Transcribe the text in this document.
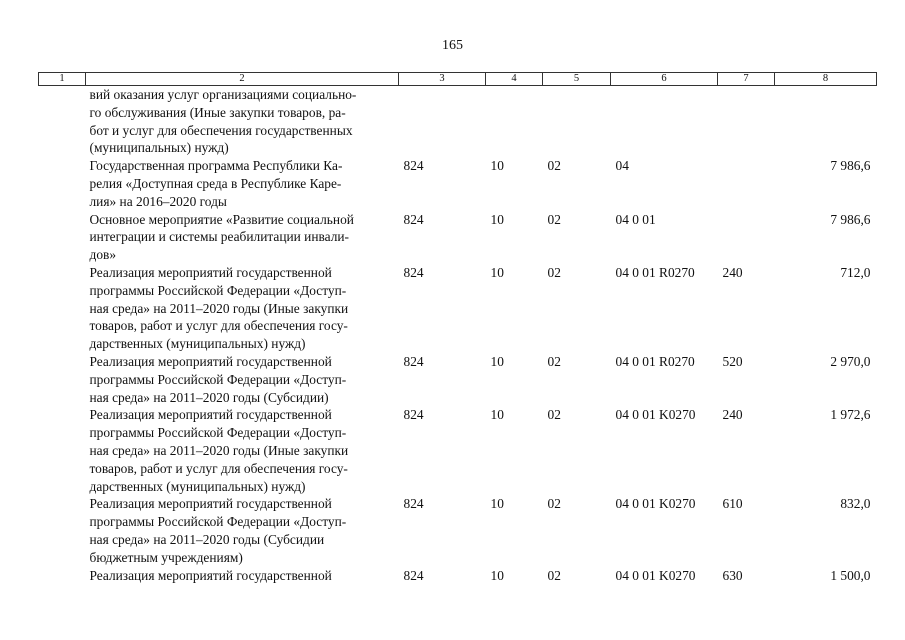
165
1	2	3	4	5	6	7	8
	вий оказания услуг организациями социально-
го обслуживания (Иные закупки товаров, ра-
бот и услуг для обеспечения государственных
(муниципальных) нужд)						
	Государственная программа Республики Ка-
релия «Доступная среда в Республике Каре-
лия» на 2016–2020 годы	824	10	02	04		7 986,6
	Основное мероприятие «Развитие социальной
интеграции и системы реабилитации инвали-
дов»	824	10	02	04 0 01		7 986,6
	Реализация мероприятий государственной
программы Российской Федерации «Доступ-
ная среда» на 2011–2020 годы (Иные закупки
товаров, работ и услуг для обеспечения госу-
дарственных (муниципальных) нужд)	824	10	02	04 0 01 R0270	240	712,0
	Реализация мероприятий государственной
программы Российской Федерации «Доступ-
ная среда» на 2011–2020 годы (Субсидии)	824	10	02	04 0 01 R0270	520	2 970,0
	Реализация мероприятий государственной
программы Российской Федерации «Доступ-
ная среда» на 2011–2020 годы (Иные закупки
товаров, работ и услуг для обеспечения госу-
дарственных (муниципальных) нужд)	824	10	02	04 0 01 K0270	240	1 972,6
	Реализация мероприятий государственной
программы Российской Федерации «Доступ-
ная среда» на 2011–2020 годы (Субсидии
бюджетным учреждениям)	824	10	02	04 0 01 K0270	610	832,0
	Реализация мероприятий государственной	824	10	02	04 0 01 K0270	630	1 500,0
